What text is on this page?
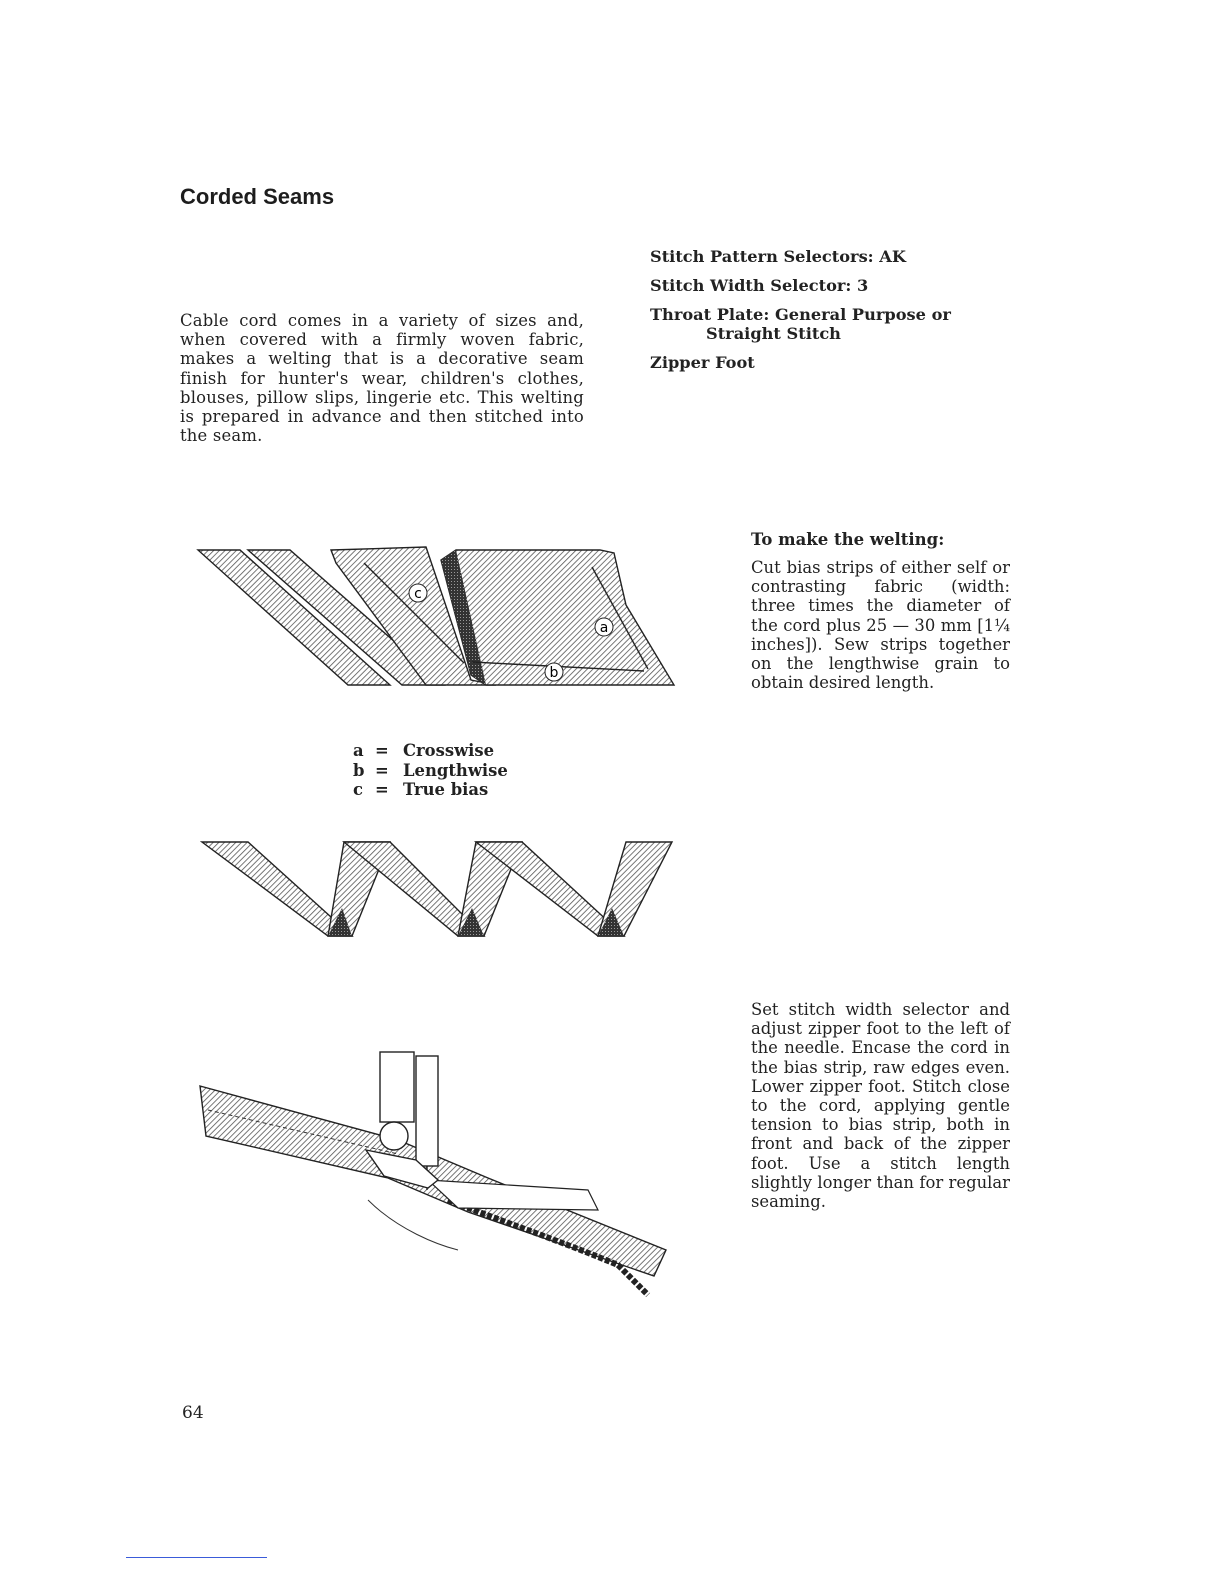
Corded Seams
Cable cord comes in a variety of sizes and, when covered with a firmly woven fabric, makes a welting that is a decorative seam finish for hunter's wear, children's clothes, blouses, pillow slips, lingerie etc. This welting is prepared in advance and then stitched into the seam.
Stitch Pattern Selectors: AK
Stitch Width Selector: 3
Throat Plate: General Purpose or
Straight Stitch
Zipper Foot
c
a
b
To make the welting:
Cut bias strips of either self or contrasting fabric (width: three times the diameter of the cord plus 25 — 30 mm [1¼ inches]). Sew strips together on the lengthwise grain to obtain desired length.
a = Crosswise
b = Lengthwise
c = True bias
Set stitch width selector and adjust zipper foot to the left of the needle. Encase the cord in the bias strip, raw edges even. Lower zipper foot. Stitch close to the cord, applying gentle tension to bias strip, both in front and back of the zipper foot. Use a stitch length slightly longer than for regular seaming.
64
